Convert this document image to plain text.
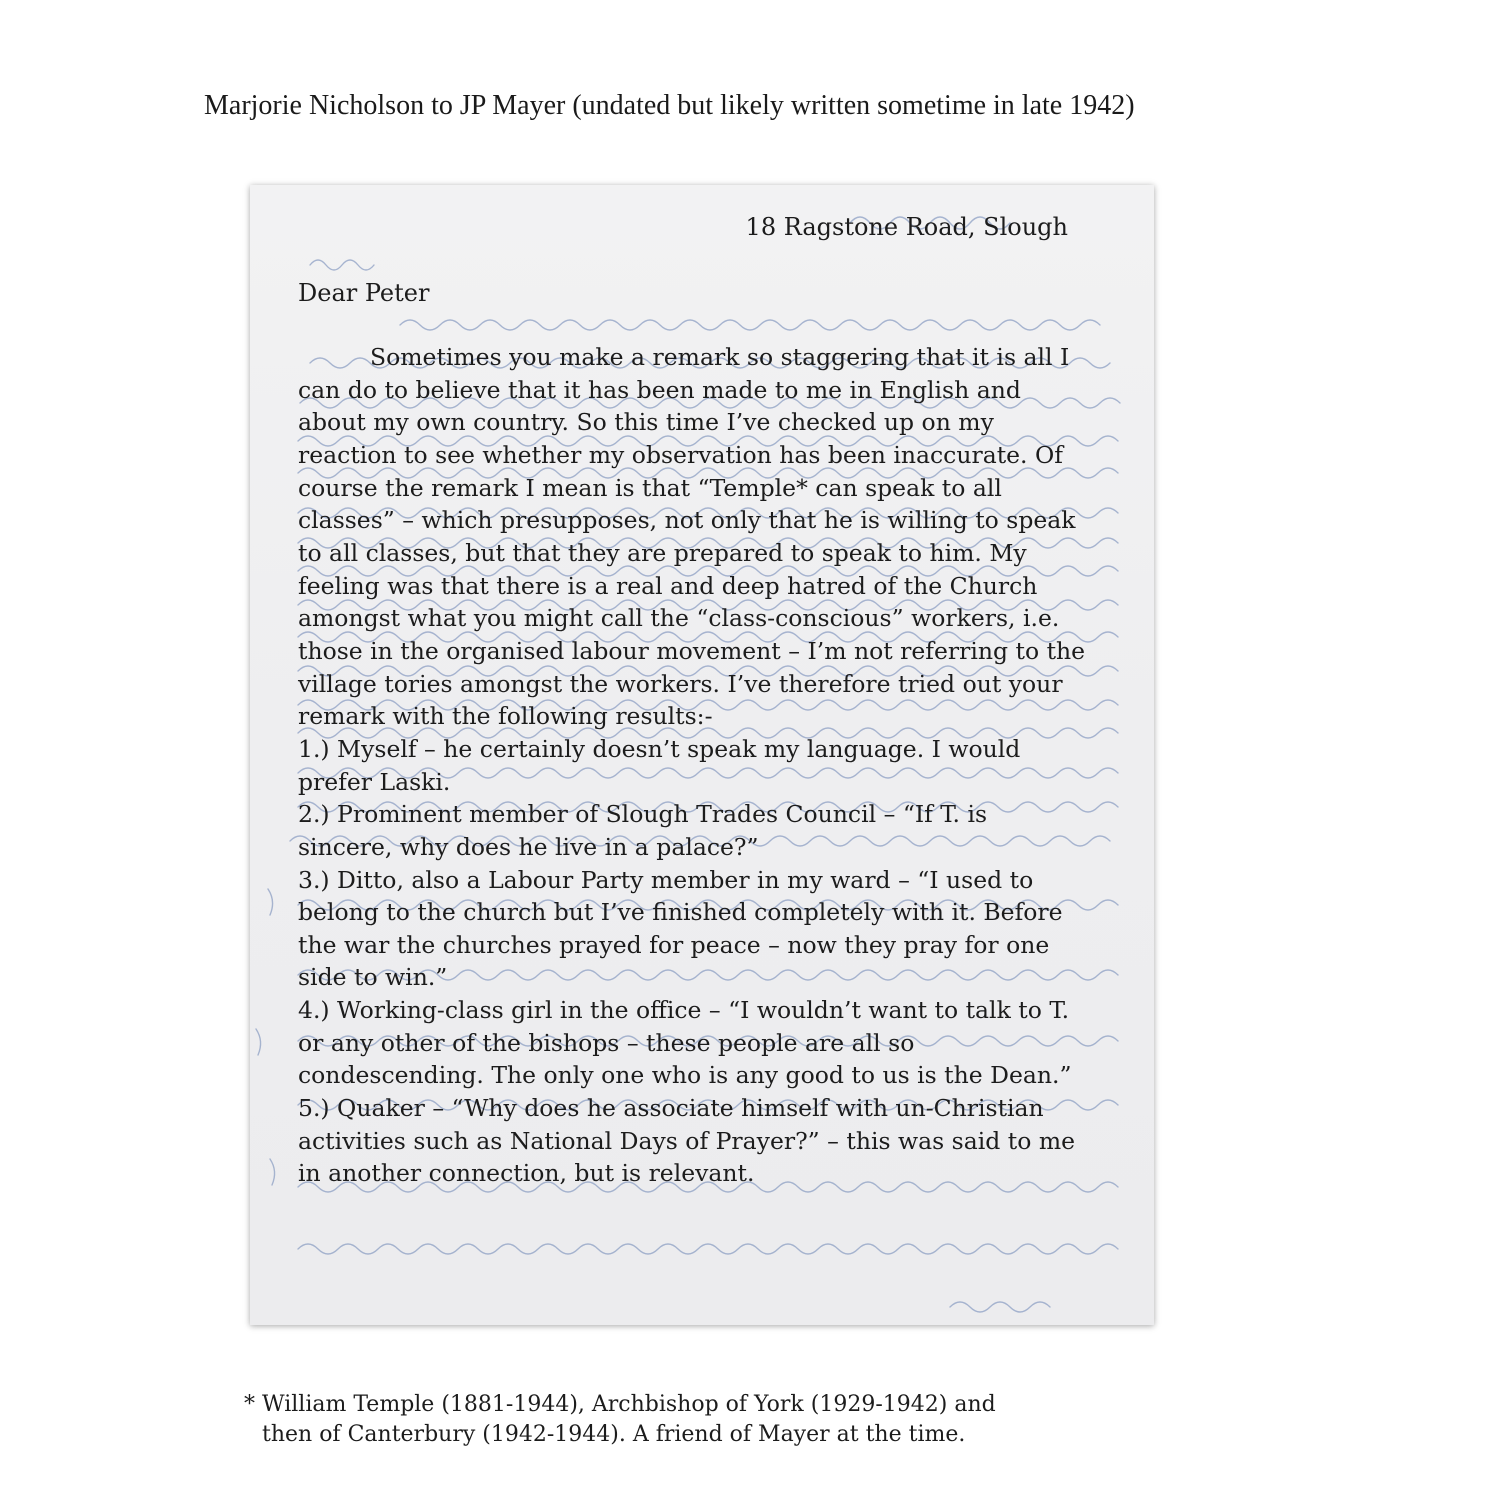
Marjorie Nicholson to JP Mayer (undated but likely written sometime in late 1942)
18 Ragstone Road, Slough
Dear Peter

Sometimes you make a remark so staggering that it is all I can do to believe that it has been made to me in English and about my own country. So this time I’ve checked up on my reaction to see whether my observation has been inaccurate. Of course the remark I mean is that “Temple* can speak to all classes” – which presupposes, not only that he is willing to speak to all classes, but that they are prepared to speak to him. My feeling was that there is a real and deep hatred of the Church amongst what you might call the “class-conscious” workers, i.e. those in the organised labour movement – I’m not referring to the village tories amongst the workers. I’ve therefore tried out your remark with the following results:-

1.) Myself – he certainly doesn’t speak my language. I would prefer Laski.

2.) Prominent member of Slough Trades Council – “If T. is sincere, why does he live in a palace?”

3.) Ditto, also a Labour Party member in my ward – “I used to belong to the church but I’ve finished completely with it. Before the war the churches prayed for peace – now they pray for one side to win.”

4.) Working-class girl in the office – “I wouldn’t want to talk to T. or any other of the bishops – these people are all so condescending. The only one who is any good to us is the Dean.”

5.) Quaker – “Why does he associate himself with un-Christian activities such as National Days of Prayer?” – this was said to me in another connection, but is relevant.

* William Temple (1881-1944), Archbishop of York (1929-1942) and
then of Canterbury (1942-1944). A friend of Mayer at the time.
